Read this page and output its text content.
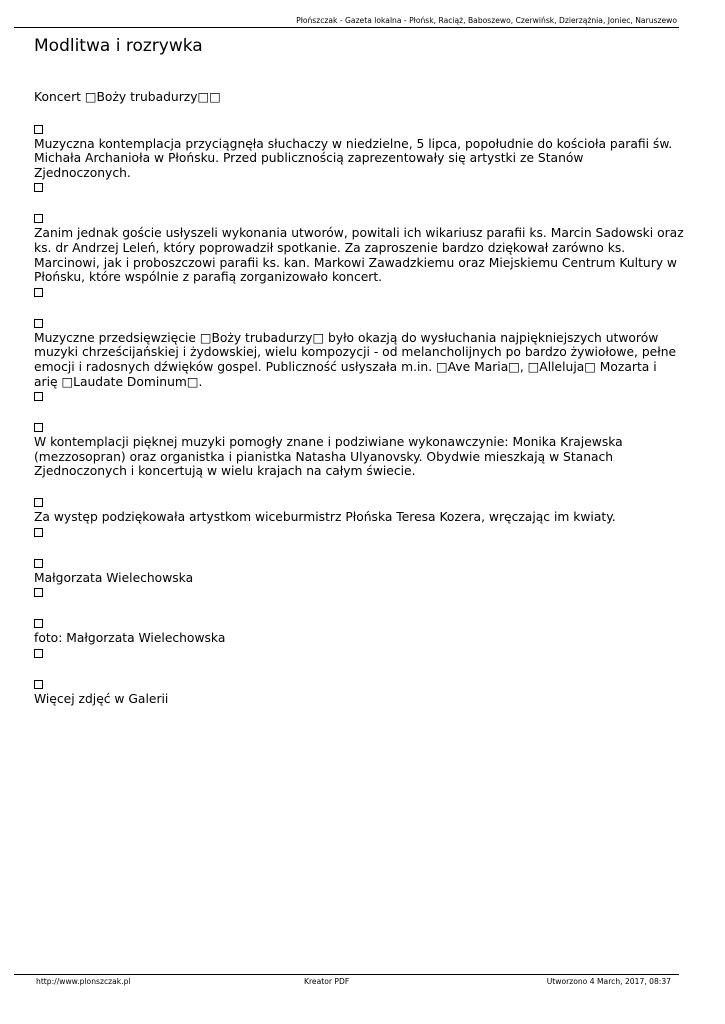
Płońszczak - Gazeta lokalna - Płońsk, Raciąż, Baboszewo, Czerwińsk, Dzierzążnia, Joniec, Naruszewo
Modlitwa i rozrywka
Koncert □Boży trubadurzy□□
Muzyczna kontemplacja przyciągnęła słuchaczy w niedzielne, 5 lipca, popołudnie do kościoła parafii św. Michała Archanioła w Płońsku. Przed publicznością zaprezentowały się artystki ze Stanów Zjednoczonych.
Zanim jednak goście usłyszeli wykonania utworów, powitali ich wikariusz parafii ks. Marcin Sadowski oraz ks. dr Andrzej Leleń, który poprowadził spotkanie. Za zaproszenie bardzo dziękował zarówno ks. Marcinowi, jak i proboszczowi parafii ks. kan. Markowi Zawadzkiemu oraz Miejskiemu Centrum Kultury w Płońsku, które wspólnie z parafią zorganizowało koncert.
Muzyczne przedsięwzięcie □Boży trubadurzy□ było okazją do wysłuchania najpiękniejszych utworów muzyki chrześcijańskiej i żydowskiej, wielu kompozycji - od melancholijnych po bardzo żywiołowe, pełne emocji i radosnych dźwięków gospel. Publiczność usłyszała m.in. □Ave Maria□, □Alleluja□ Mozarta i arię □Laudate Dominum□.
W kontemplacji pięknej muzyki pomogły znane i podziwiane wykonawczynie: Monika Krajewska (mezzosopran) oraz organistka i pianistka Natasha Ulyanovsky. Obydwie mieszkają w Stanach Zjednoczonych i koncertują w wielu krajach na całym świecie.
Za występ podziękowała artystkom wiceburmistrz Płońska Teresa Kozera, wręczając im kwiaty.
Małgorzata Wielechowska
foto: Małgorzata Wielechowska
Więcej zdjęć w Galerii
http://www.plonszczak.pl	Kreator PDF	Utworzono 4 March, 2017, 08:37
